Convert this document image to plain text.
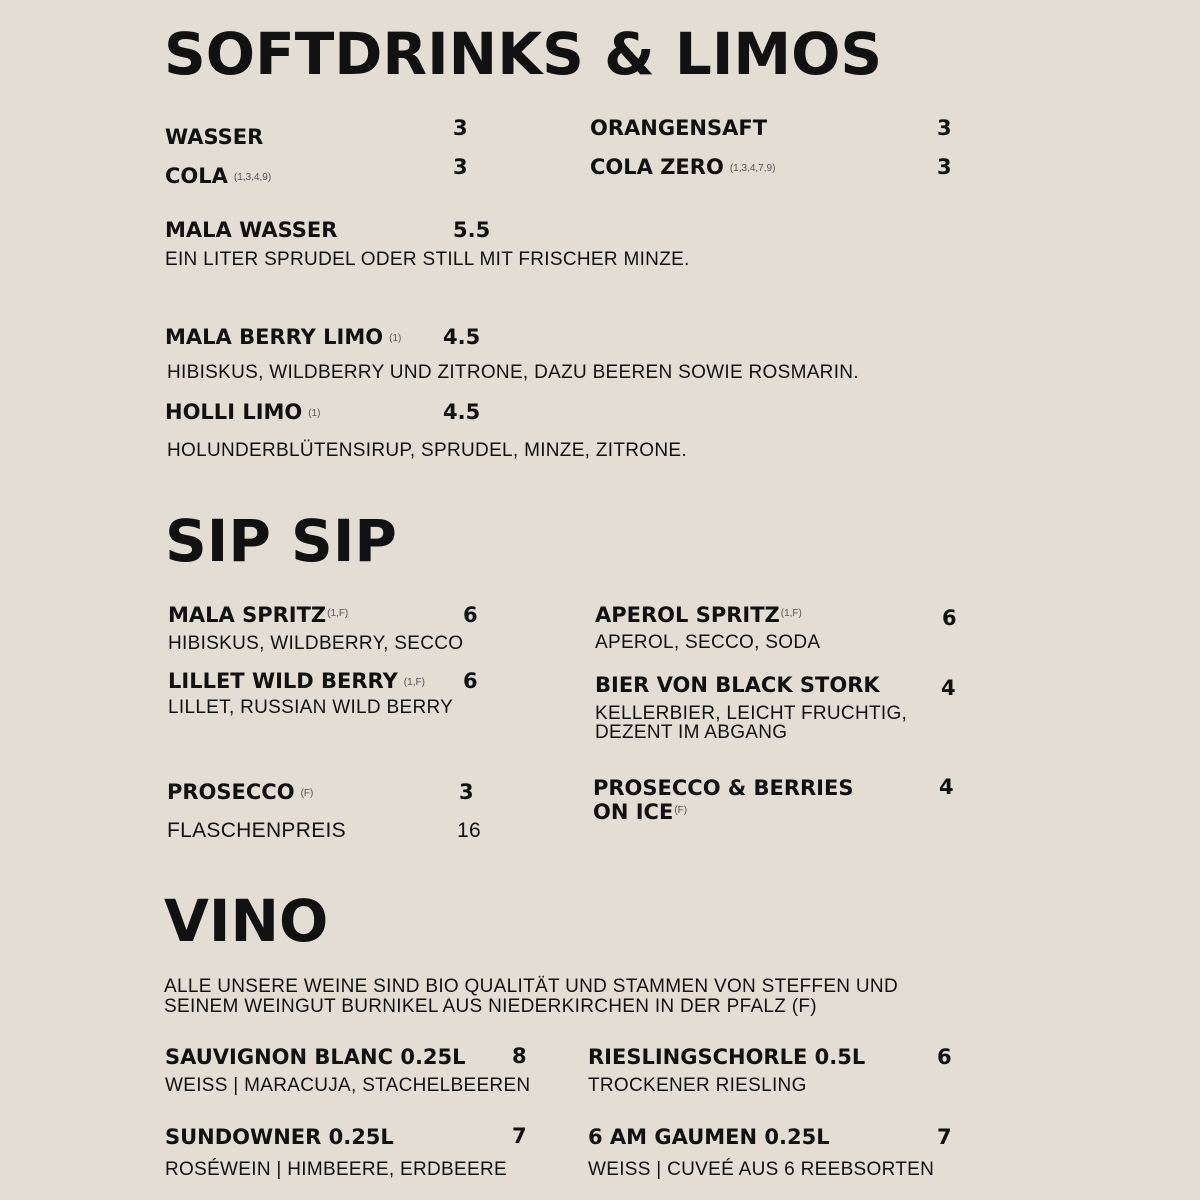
SOFTDRINKS & LIMOS
WASSER	3
COLA $^{(1,3,4,9)}$	3
ORANGENSAFT	3
COLA ZERO $^{(1,3,4,7,9)}$	3
MALA WASSER	5.5
EIN LITER SPRUDEL ODER STILL MIT FRISCHER MINZE.
MALA BERRY LIMO $^{(1)}$ 4.5
HIBISKUS, WILDBERRY UND ZITRONE, DAZU BEEREN SOWIE ROSMARIN.
HOLLI LIMO $^{(1)}$	4.5
HOLUNDERBLÜTENSIRUP, SPRUDEL, MINZE, ZITRONE.
SIP SIP
MALA $SPRITZ^{(1,F)}$	6
HIBISKUS, WILDBERRY, SECCO
LILLET WILD BERRY $^{(1,F)}$ 6
LILLET, RUSSIAN WILD BERRY
PROSECCO $^{(F)}$	3
FLASCHENPREIS	16
APEROL $SPRITZ^{(1,F)}$	6
APEROL, SECCO, SODA
BIER VON BLACK STORK	4
KELLERBIER, LEICHT FRUCHTIG,
DEZENT IM ABGANG
PROSECCO & BERRIES
ON $ICE^{(F)}$
4
VINO
ALLE UNSERE WEINE SIND BIO QUALITÄT UND STAMMEN VON STEFFEN UND
SEINEM WEINGUT BURNIKEL AUS NIEDERKIRCHEN IN DER PFALZ (F)
SAUVIGNON BLANC 0.25L 8
WEISS | MARACUJA, STACHELBEEREN
RIESLINGSCHORLE 0.5L	6
TROCKENER RIESLING
SUNDOWNER 0.25L	7
ROSÉWEIN | HIMBEERE, ERDBEERE
6 AM GAUMEN 0.25L	7
WEISS | CUVEÉ AUS 6 REEBSORTEN
